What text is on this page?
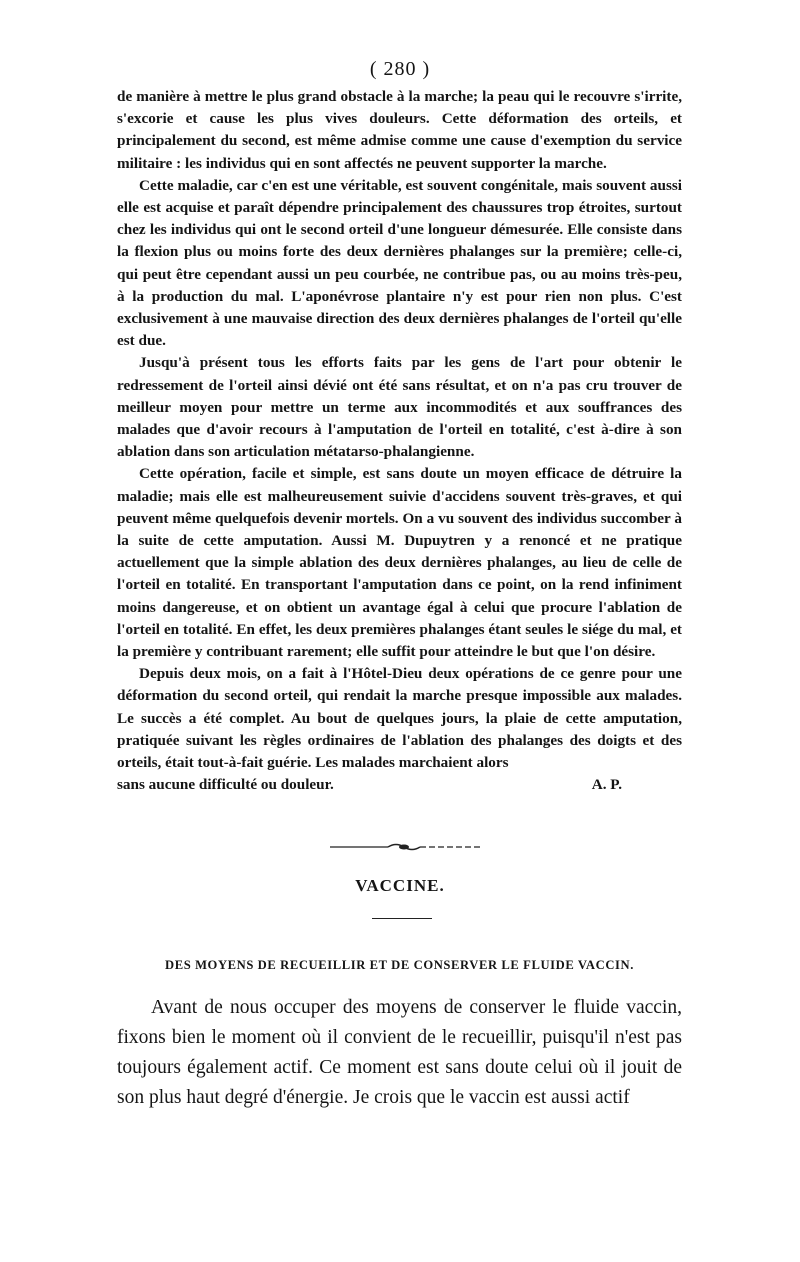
( 280 )

de manière à mettre le plus grand obstacle à la marche; la peau qui le recouvre s'irrite, s'excorie et cause les plus vives douleurs. Cette déformation des orteils, et principalement du second, est même admise comme une cause d'exemption du service militaire : les individus qui en sont affectés ne peuvent supporter la marche.

Cette maladie, car c'en est une véritable, est souvent congénitale, mais souvent aussi elle est acquise et paraît dépendre principalement des chaussures trop étroites, surtout chez les individus qui ont le second orteil d'une longueur démesurée. Elle consiste dans la flexion plus ou moins forte des deux dernières phalanges sur la première; celle-ci, qui peut être cependant aussi un peu courbée, ne contribue pas, ou au moins très-peu, à la production du mal. L'aponévrose plantaire n'y est pour rien non plus. C'est exclusivement à une mauvaise direction des deux dernières phalanges de l'orteil qu'elle est due.

Jusqu'à présent tous les efforts faits par les gens de l'art pour obtenir le redressement de l'orteil ainsi dévié ont été sans résultat, et on n'a pas cru trouver de meilleur moyen pour mettre un terme aux incommodités et aux souffrances des malades que d'avoir recours à l'amputation de l'orteil en totalité, c'est à-dire à son ablation dans son articulation métatarso-phalangienne.

Cette opération, facile et simple, est sans doute un moyen efficace de détruire la maladie; mais elle est malheureusement suivie d'accidens souvent très-graves, et qui peuvent même quelquefois devenir mortels. On a vu souvent des individus succomber à la suite de cette amputation. Aussi M. Dupuytren y a renoncé et ne pratique actuellement que la simple ablation des deux dernières phalanges, au lieu de celle de l'orteil en totalité. En transportant l'amputation dans ce point, on la rend infiniment moins dangereuse, et on obtient un avantage égal à celui que procure l'ablation de l'orteil en totalité. En effet, les deux premières phalanges étant seules le siége du mal, et la première y contribuant rarement; elle suffit pour atteindre le but que l'on désire.

Depuis deux mois, on a fait à l'Hôtel-Dieu deux opérations de ce genre pour une déformation du second orteil, qui rendait la marche presque impossible aux malades. Le succès a été complet. Au bout de quelques jours, la plaie de cette amputation, pratiquée suivant les règles ordinaires de l'ablation des phalanges des doigts et des orteils, était tout-à-fait guérie. Les malades marchaient alors

sans aucune difficulté ou douleur.	A. P.
VACCINE.
DES MOYENS DE RECUEILLIR ET DE CONSERVER LE FLUIDE VACCIN.

Avant de nous occuper des moyens de conserver le fluide vaccin, fixons bien le moment où il convient de le recueillir, puisqu'il n'est pas toujours également actif. Ce moment est sans doute celui où il jouit de son plus haut degré d'énergie. Je crois que le vaccin est aussi actif
